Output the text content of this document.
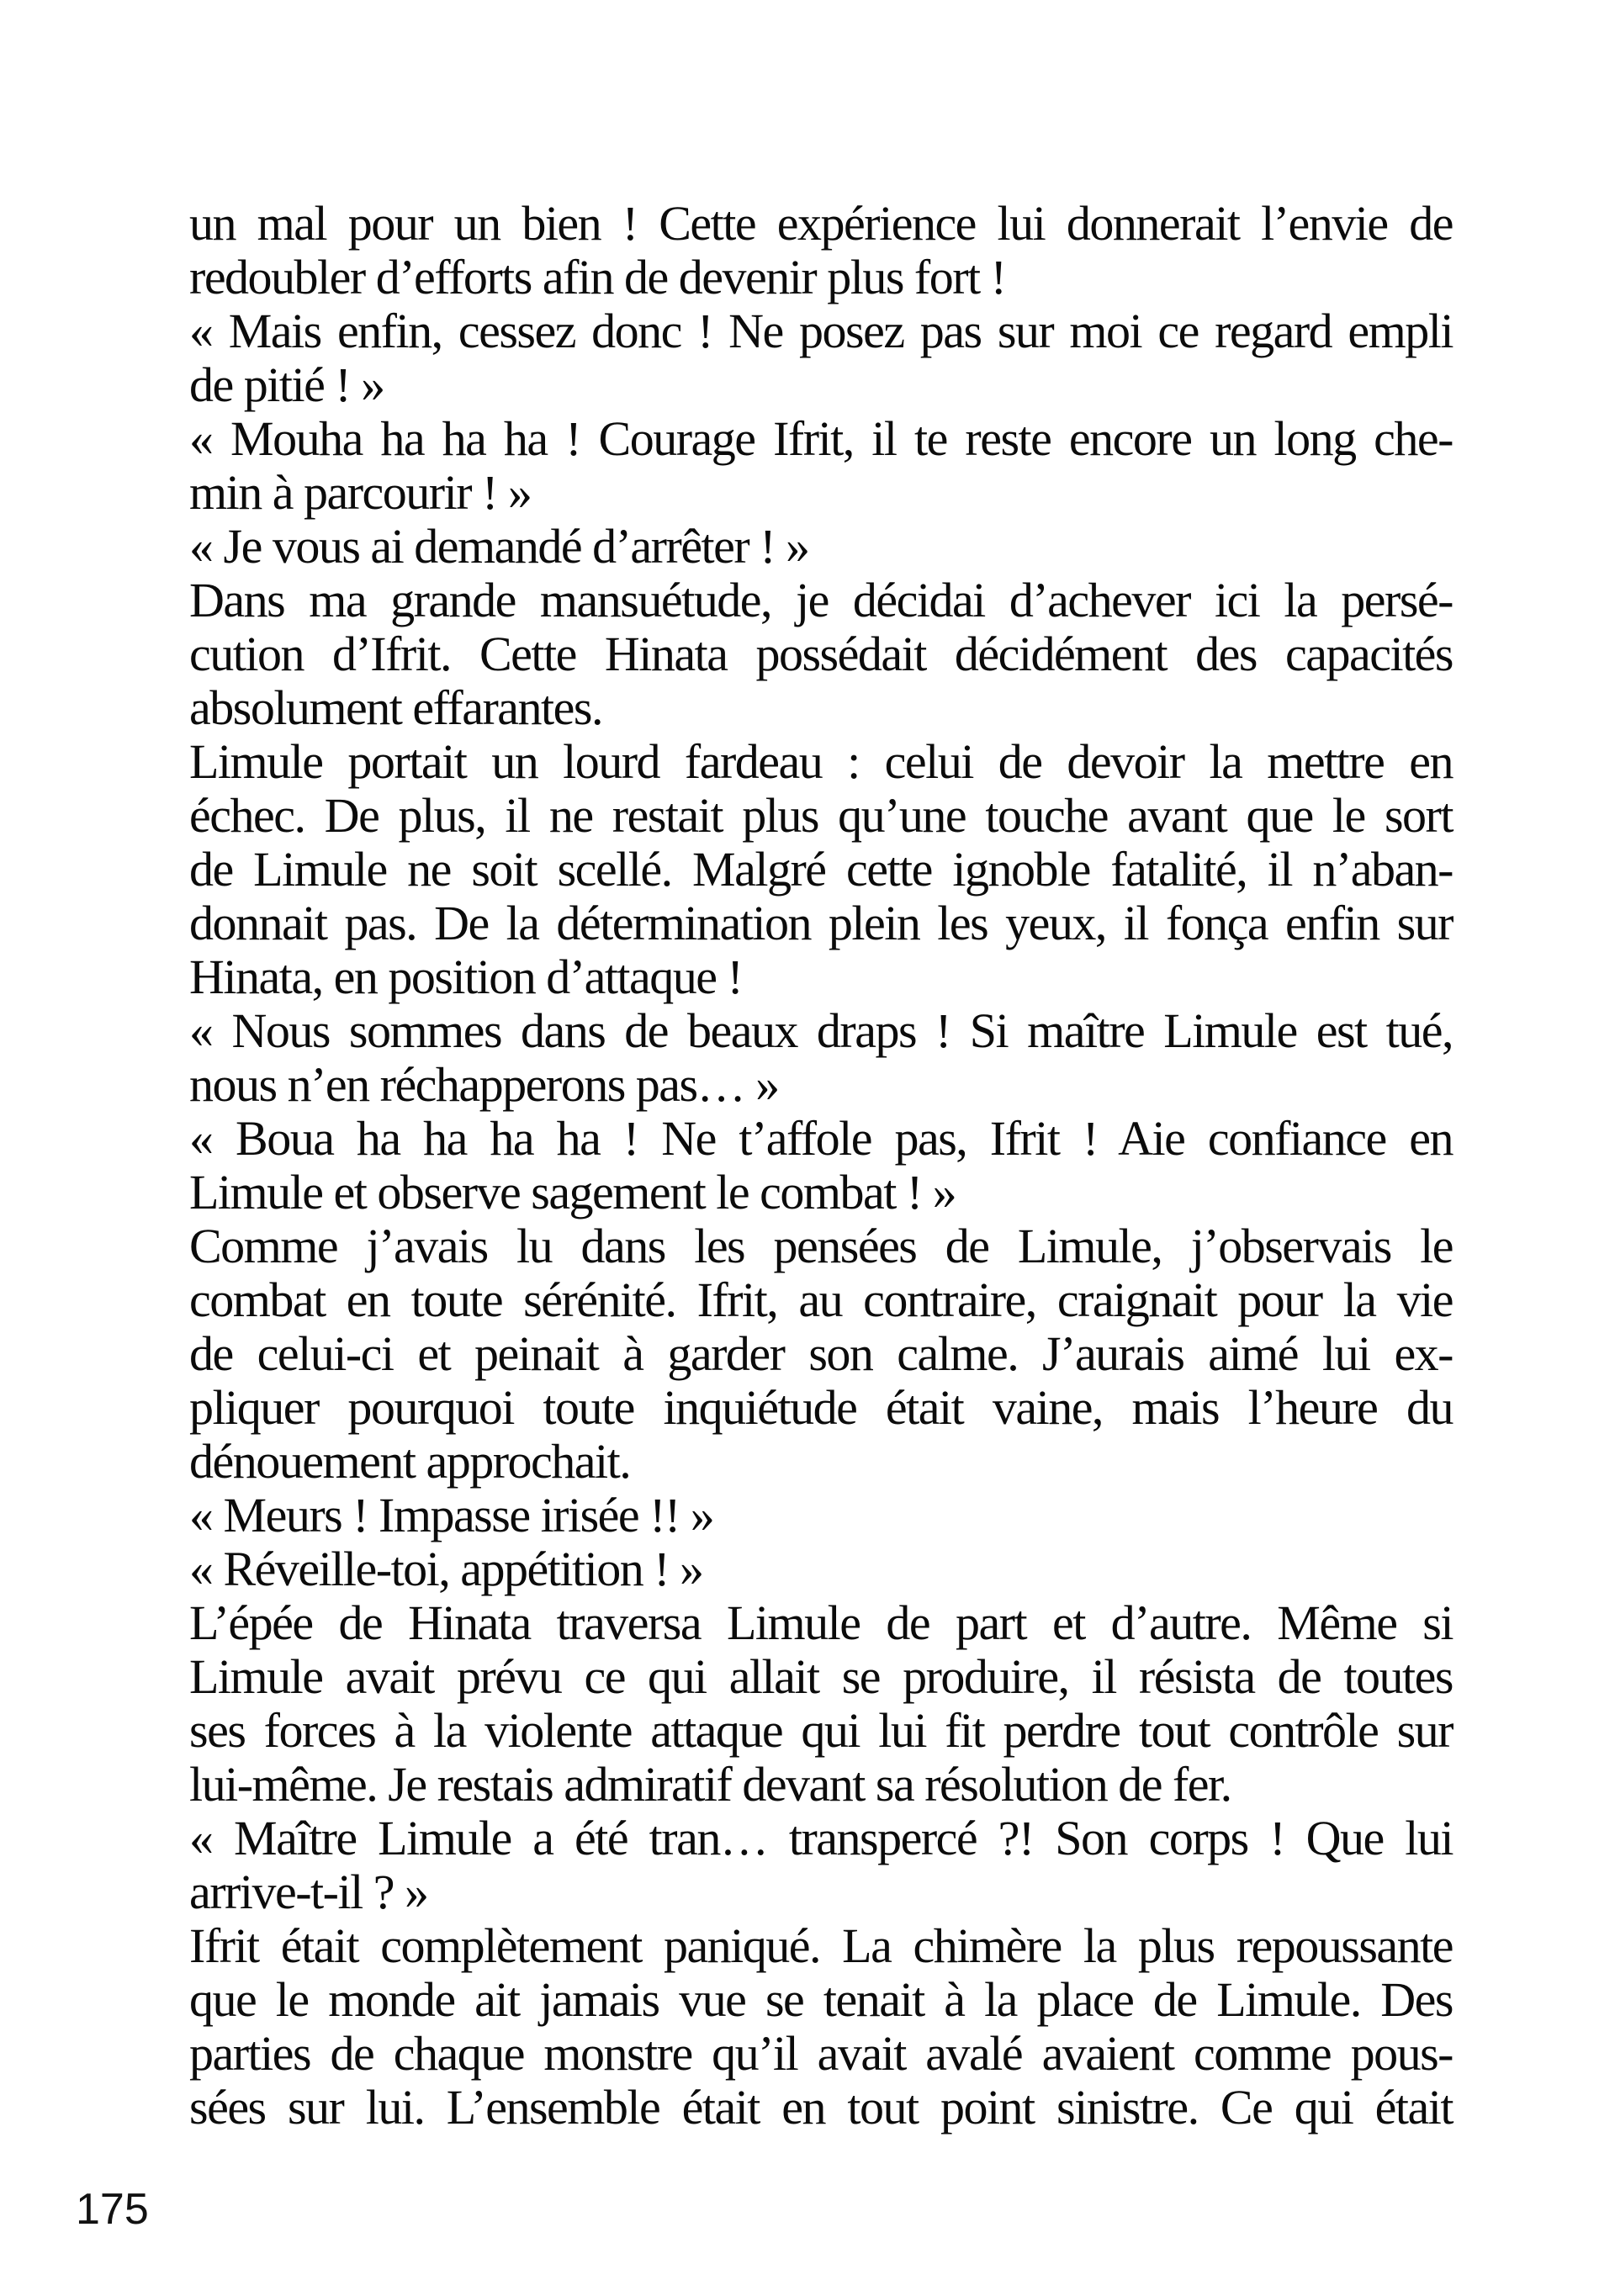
un mal pour un bien ! Cette expérience lui donnerait l’envie de
redoubler d’efforts afin de devenir plus fort !
« Mais enfin, cessez donc ! Ne posez pas sur moi ce regard empli
de pitié ! »
« Mouha ha ha ha ! Courage Ifrit, il te reste encore un long che-
min à parcourir ! »
« Je vous ai demandé d’arrêter ! »
Dans ma grande mansuétude, je décidai d’achever ici la persé-
cution d’Ifrit. Cette Hinata possédait décidément des capacités
absolument effarantes.
Limule portait un lourd fardeau : celui de devoir la mettre en
échec. De plus, il ne restait plus qu’une touche avant que le sort
de Limule ne soit scellé. Malgré cette ignoble fatalité, il n’aban-
donnait pas. De la détermination plein les yeux, il fonça enfin sur
Hinata, en position d’attaque !
« Nous sommes dans de beaux draps ! Si maître Limule est tué,
nous n’en réchapperons pas… »
« Boua ha ha ha ha ! Ne t’affole pas, Ifrit ! Aie confiance en
Limule et observe sagement le combat ! »
Comme j’avais lu dans les pensées de Limule, j’observais le
combat en toute sérénité. Ifrit, au contraire, craignait pour la vie
de celui-ci et peinait à garder son calme. J’aurais aimé lui ex-
pliquer pourquoi toute inquiétude était vaine, mais l’heure du
dénouement approchait.
« Meurs ! Impasse irisée !! »
« Réveille-toi, appétition ! »
L’épée de Hinata traversa Limule de part et d’autre. Même si
Limule avait prévu ce qui allait se produire, il résista de toutes
ses forces à la violente attaque qui lui fit perdre tout contrôle sur
lui-même. Je restais admiratif devant sa résolution de fer.
« Maître Limule a été tran… transpercé ?! Son corps ! Que lui
arrive-t-il ? »
Ifrit était complètement paniqué. La chimère la plus repoussante
que le monde ait jamais vue se tenait à la place de Limule. Des
parties de chaque monstre qu’il avait avalé avaient comme pous-
sées sur lui. L’ensemble était en tout point sinistre. Ce qui était
175
